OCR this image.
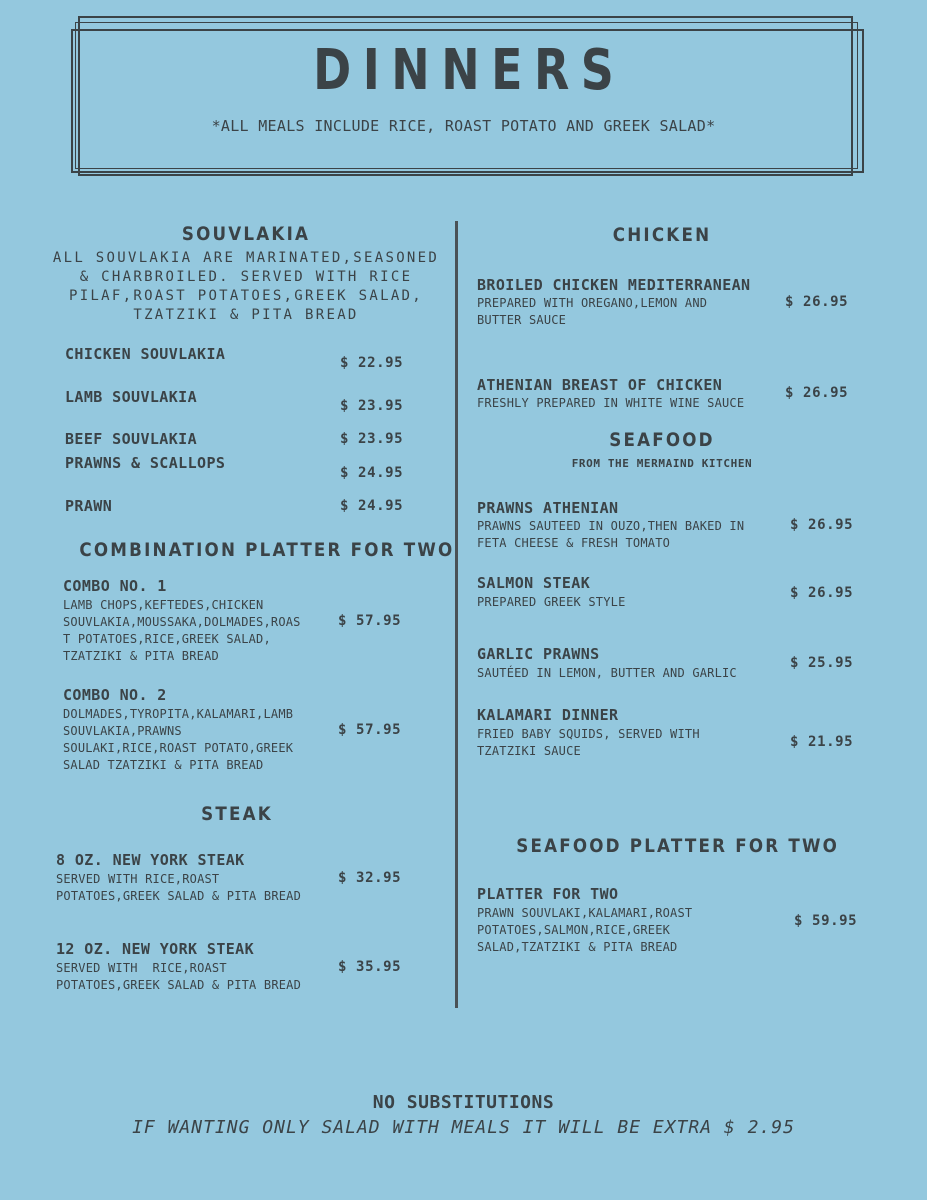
DINNERS
*ALL MEALS INCLUDE RICE, ROAST POTATO AND GREEK SALAD*
SOUVLAKIA
ALL SOUVLAKIA ARE MARINATED,SEASONED
& CHARBROILED. SERVED WITH RICE
PILAF,ROAST POTATOES,GREEK SALAD,
TZATZIKI & PITA BREAD
CHICKEN SOUVLAKIA	$ 22.95
LAMB SOUVLAKIA	$ 23.95
BEEF SOUVLAKIA	$ 23.95
PRAWNS & SCALLOPS
$ 24.95
PRAWN	$ 24.95
COMBINATION PLATTER FOR TWO
COMBO NO. 1
LAMB CHOPS,KEFTEDES,CHICKEN
SOUVLAKIA,MOUSSAKA,DOLMADES,ROAS
T POTATOES,RICE,GREEK SALAD,
TZATZIKI & PITA BREAD
$ 57.95
COMBO NO. 2
DOLMADES,TYROPITA,KALAMARI,LAMB
SOUVLAKIA,PRAWNS
SOULAKI,RICE,ROAST POTATO,GREEK
SALAD TZATZIKI & PITA BREAD
$ 57.95
STEAK
8 OZ. NEW YORK STEAK
SERVED WITH RICE,ROAST
POTATOES,GREEK SALAD & PITA BREAD
$ 32.95
12 OZ. NEW YORK STEAK
SERVED WITH  RICE,ROAST
POTATOES,GREEK SALAD & PITA BREAD
$ 35.95
CHICKEN
BROILED CHICKEN MEDITERRANEAN
PREPARED WITH OREGANO,LEMON AND
BUTTER SAUCE
$ 26.95
ATHENIAN BREAST OF CHICKEN
FRESHLY PREPARED IN WHITE WINE SAUCE
$ 26.95
SEAFOOD
FROM THE MERMAIND KITCHEN
PRAWNS ATHENIAN
PRAWNS SAUTEED IN OUZO,THEN BAKED IN
FETA CHEESE & FRESH TOMATO
$ 26.95
SALMON STEAK
PREPARED GREEK STYLE
$ 26.95
GARLIC PRAWNS
SAUTÉED IN LEMON, BUTTER AND GARLIC
$ 25.95
KALAMARI DINNER
FRIED BABY SQUIDS, SERVED WITH
TZATZIKI SAUCE
$ 21.95
SEAFOOD PLATTER FOR TWO
PLATTER FOR TWO
PRAWN SOUVLAKI,KALAMARI,ROAST
POTATOES,SALMON,RICE,GREEK
SALAD,TZATZIKI & PITA BREAD
$ 59.95
NO SUBSTITUTIONS
IF WANTING ONLY SALAD WITH MEALS IT WILL BE EXTRA $ 2.95
